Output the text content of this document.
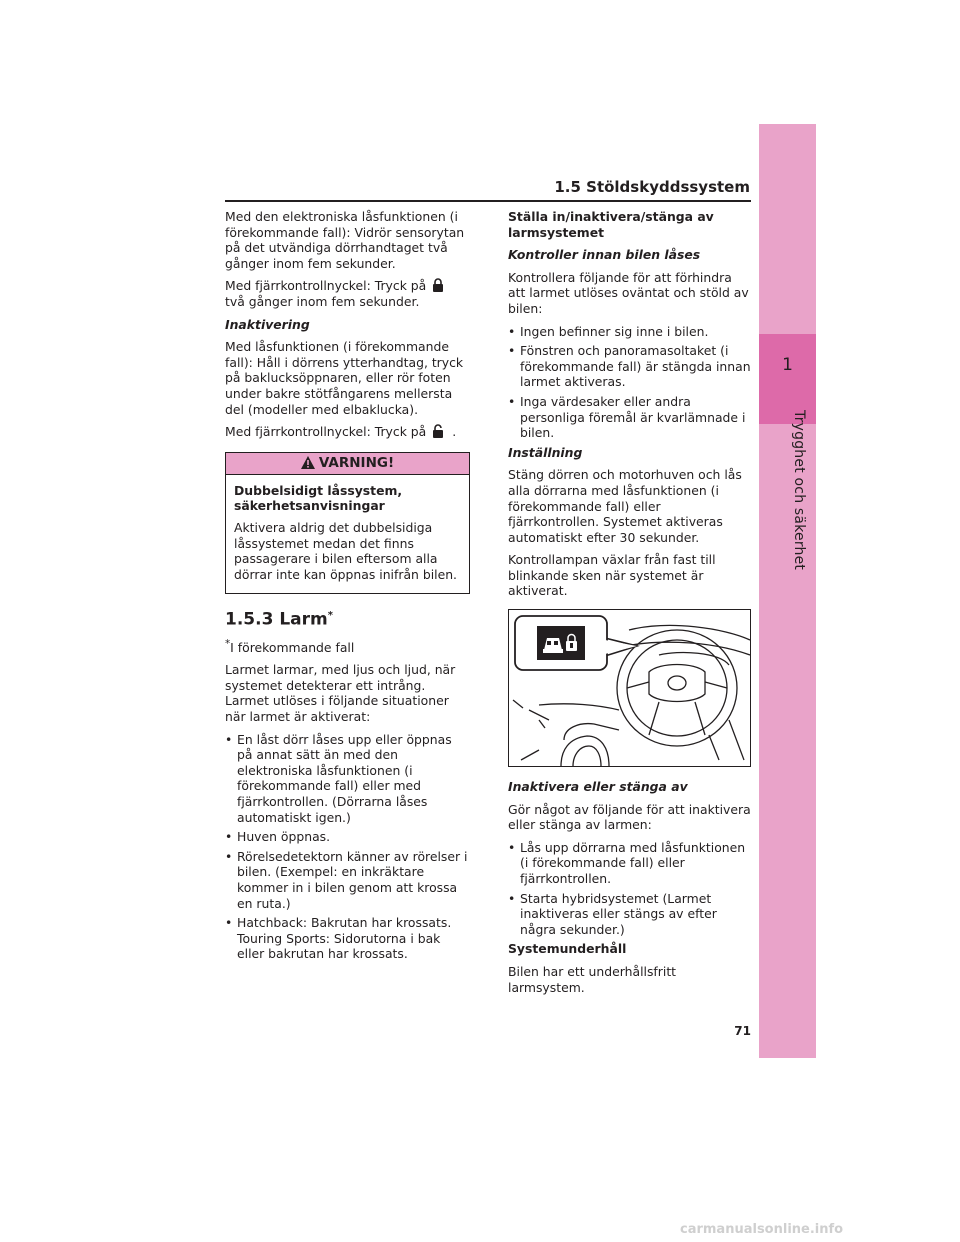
1
Trygghet och säkerhet
1.5 Stöldskyddssystem

Med den elektroniska låsfunktionen (i förekommande fall): Vidrör sensorytan på det utvändiga dörrhandtaget två gånger inom fem sekunder.

Med fjärrkontrollnyckel: Tryck påtvå gånger inom fem sekunder.

Inaktivering

Med låsfunktionen (i förekommande fall): Håll i dörrens ytterhandtag, tryck på baklucksöppnaren, eller rör foten under bakre stötfångarens mellersta del (modeller med elbaklucka).

Med fjärrkontrollnyckel: Tryck på .

VARNING!

Dubbelsidigt låssystem, säkerhetsanvisningar

Aktivera aldrig det dubbelsidiga låssystemet medan det finns passagerare i bilen eftersom alla dörrar inte kan öppnas inifrån bilen.

1.5.3 Larm*

*I förekommande fall

Larmet larmar, med ljus och ljud, när systemet detekterar ett intrång. Larmet utlöses i följande situationer när larmet är aktiverat:

• En låst dörr låses upp eller öppnas på annat sätt än med den elektroniska låsfunktionen (i förekommande fall) eller med fjärrkontrollen. (Dörrarna låses automatiskt igen.)
• Huven öppnas.
• Rörelsedetektorn känner av rörelser i bilen. (Exempel: en inkräktare kommer in i bilen genom att krossa en ruta.)
• Hatchback: Bakrutan har krossats. Touring Sports: Sidorutorna i bak eller bakrutan har krossats.

Ställa in/inaktivera/stänga av larmsystemet

Kontroller innan bilen låses

Kontrollera följande för att förhindra att larmet utlöses oväntat och stöld av bilen:

• Ingen befinner sig inne i bilen.
• Fönstren och panoramasoltaket (i förekommande fall) är stängda innan larmet aktiveras.
• Inga värdesaker eller andra personliga föremål är kvarlämnade i bilen.

Inställning

Stäng dörren och motorhuven och lås alla dörrarna med låsfunktionen (i förekommande fall) eller fjärrkontrollen. Systemet aktiveras automatiskt efter 30 sekunder.

Kontrollampan växlar från fast till blinkande sken när systemet är aktiverat.

Inaktivera eller stänga av

Gör något av följande för att inaktivera eller stänga av larmen:

• Lås upp dörrarna med låsfunktionen (i förekommande fall) eller fjärrkontrollen.
• Starta hybridsystemet (Larmet inaktiveras eller stängs av efter några sekunder.)

Systemunderhåll

Bilen har ett underhållsfritt larmsystem.

71
carmanualsonline.info
